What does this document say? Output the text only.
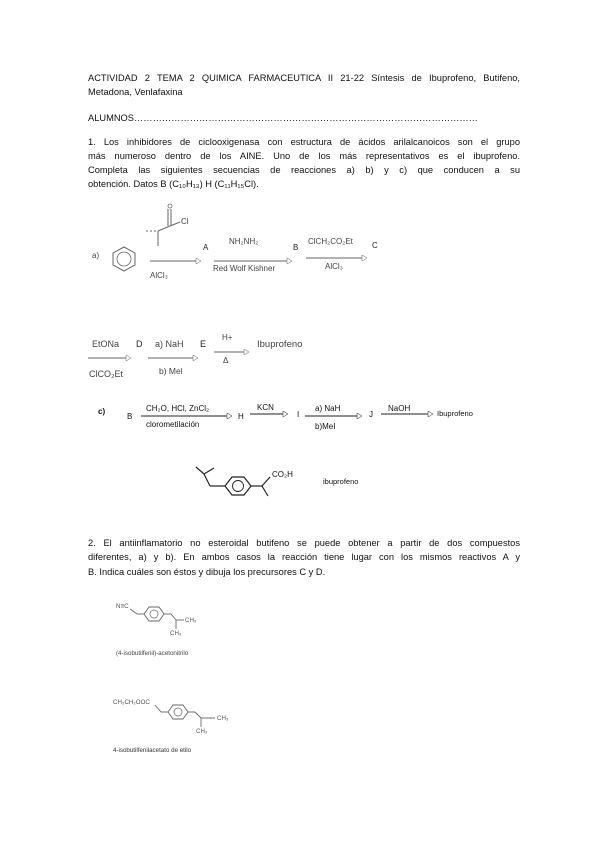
ACTIVIDAD 2 TEMA 2 QUIMICA FARMACEUTICA II 21-22 Síntesis de Ibuprofeno, Butifeno,

Metadona, Venlafaxina

ALUMNOS…………………………………………………………………………………………………

1. Los inhibidores de ciclooxigenasa con estructura de ácidos arilalcanoicos son el grupo

más numeroso dentro de los AINE. Uno de los más representativos es el ibuprofeno.

Completa las siguientes secuencias de reacciones a) b) y c) que conducen a su

obtención. Datos B (C₁₀H₁₃) H (C₁₁H₁₅Cl).

a)
Cl
AlCl₃
A
NH₂NH₂
Red Wolf Kishner
B
ClCH₂CO₂Et
AlCl₃
C
EtONa
ClCO₂Et
D a) NaH
b) Mel
E
H+
Δ
Ibuprofeno
c)
B
CH₂O, HCl, ZnCl₂
clorometilación
H
KCN
I
a) NaH
b)MeI
J
NaOH
Ibuprofeno
CO₂H
ibuprofeno

2. El antiinflamatorio no esteroidal butifeno se puede obtener a partir de dos compuestos

diferentes, a) y b). En ambos casos la reacción tiene lugar con los mismos reactivos A y

B. Indica cuáles son éstos y dibuja los precursores C y D.

N≡C
CH₃
CH₃
(4-isobutilfenil)-acetonitrilo
CH₃CH₂OOC
CH₃
CH₃
4-isobutilfenilacetato de etilo
